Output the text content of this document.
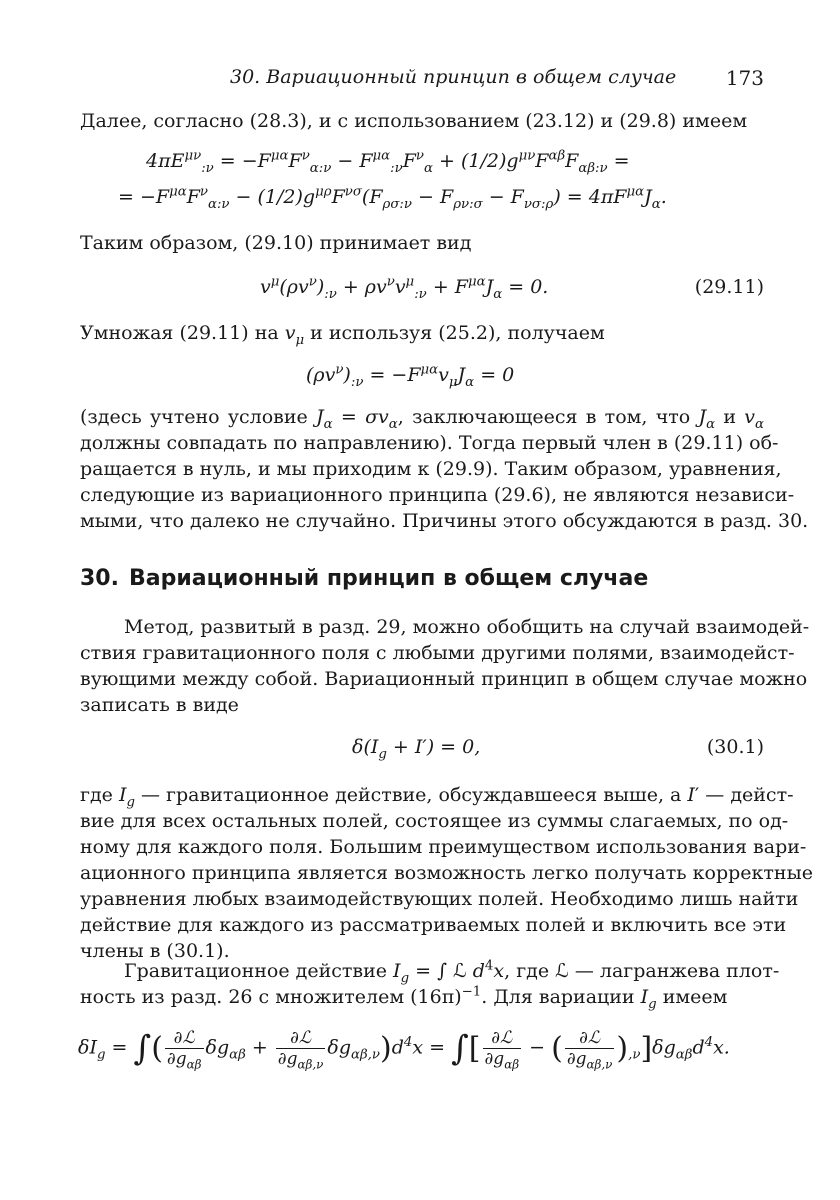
30. Вариационный принцип в общем случае 173
Далее, согласно (28.3), и с использованием (23.12) и (29.8) имеем
$4\pi E^{\mu\nu}_{:\nu} = -F^{\mu\alpha}F^\nu_{\alpha:\nu} - F^{\mu\alpha}_{:\nu}F^\nu_\alpha + (1/2)g^{\mu\nu}F^{\alpha\beta}F_{\alpha\beta:\nu}$ =
= $-F^{\mu\alpha}F^\nu_{\alpha:\nu} - (1/2)g^{\mu\rho}F^{\nu\sigma}(F_{\rho\sigma:\nu} - F_{\rho\nu:\sigma} - F_{\nu\sigma:\rho}) = 4\pi F^{\mu\alpha}J_\alpha$.
Таким образом, (29.10) принимает вид
$v^\mu(\rho v^\nu)_{:\nu} + \rho v^\nu v^\mu_{:\nu} + F^{\mu\alpha}J_\alpha = 0$.	(29.11)
Умножая (29.11) на $v_\mu$ и используя (25.2), получаем
$(\rho v^\nu)_{:\nu} = -F^{\mu\alpha}v_\mu J_\alpha = 0$
(здесь учтено условие $J_\alpha = \sigma v_\alpha$, заключающееся в том, что $J_\alpha$ и $v_\alpha$
должны совпадать по направлению). Тогда первый член в (29.11) об-
ращается в нуль, и мы приходим к (29.9). Таким образом, уравнения,
следующие из вариационного принципа (29.6), не являются независи-
мыми, что далеко не случайно. Причины этого обсуждаются в разд. 30.
30. Вариационный принцип в общем случае
Метод, развитый в разд. 29, можно обобщить на случай взаимодей-
ствия гравитационного поля с любыми другими полями, взаимодейст-
вующими между собой. Вариационный принцип в общем случае можно
записать в виде
$\delta(I_g + I') = 0$,	(30.1)
где $I_g$ — гравитационное действие, обсуждавшееся выше, а I′ — дейст-
вие для всех остальных полей, состоящее из суммы слагаемых, по од-
ному для каждого поля. Большим преимуществом использования вари-
ационного принципа является возможность легко получать корректные
уравнения любых взаимодействующих полей. Необходимо лишь найти
действие для каждого из рассматриваемых полей и включить все эти
члены в (30.1).
Гравитационное действие $I_g$ = ∫ ℒ $d^4x$, где ℒ — лагранжева плот-
ность из разд. 26 с множителем $(16\pi)^{-1}$. Для вариации $I_g$ имеем
$\delta I_g$ = ∫( $\frac{\text{∂ℒ}}{\partial g_{\alpha\beta}} \delta g_{\alpha\beta} + \frac{\text{∂ℒ}}{\partial g_{\alpha\beta,\nu}} \delta g_{\alpha\beta,\nu})d^4x$ = ∫[ $\frac{\text{∂ℒ}}{\partial g_{\alpha\beta}}$ − ( $\frac{\text{∂ℒ}}{\partial g_{\alpha\beta,\nu}} )_{,\nu}]\delta g_{\alpha\beta}d^4x$.
